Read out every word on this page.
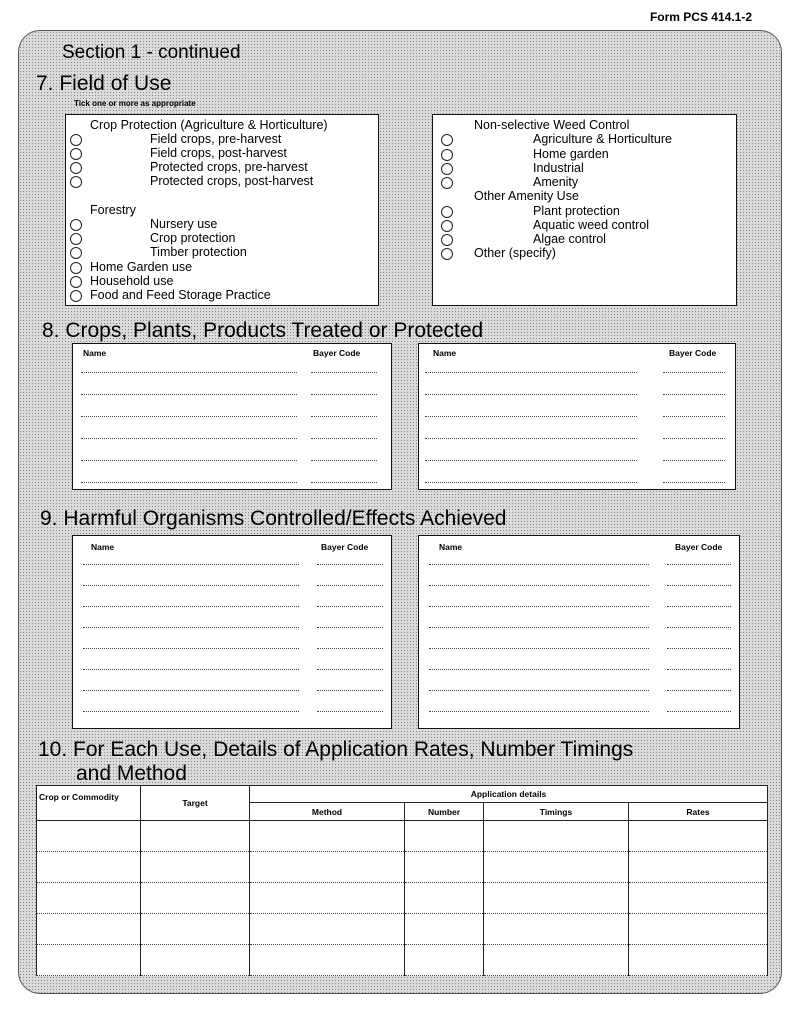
Form PCS 414.1-2
Section 1 - continued
7. Field of Use
Tick one or more as appropriate
Crop Protection (Agriculture & Horticulture)
Field crops, pre-harvest
Field crops, post-harvest
Protected crops, pre-harvest
Protected crops, post-harvest
Forestry
Nursery use
Crop protection
Timber protection
Home Garden use
Household use
Food and Feed Storage Practice
Non-selective Weed Control
Agriculture & Horticulture
Home garden
Industrial
Amenity
Other Amenity Use
Plant protection
Aquatic weed control
Algae control
Other (specify)
8. Crops, Plants, Products Treated or Protected
Name	Bayer Code	Name	Bayer Code
9. Harmful Organisms Controlled/Effects Achieved
Name	Bayer Code	Name	Bayer Code
10. For Each Use, Details of Application Rates, Number Timings
and Method
Crop or Commodity	Target	Application details			
		Method	Number	Timings	Rates
